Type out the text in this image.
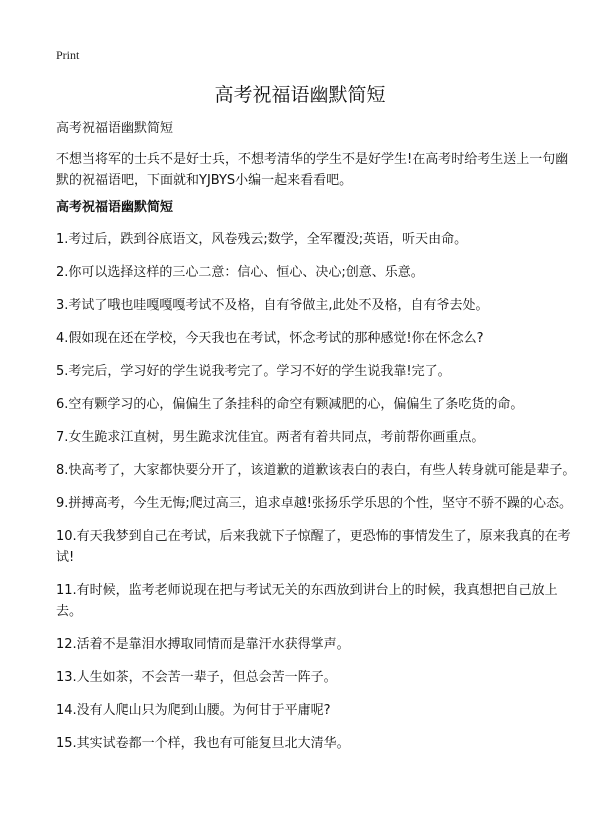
Print
高考祝福语幽默简短
高考祝福语幽默简短
不想当将军的士兵不是好士兵，不想考清华的学生不是好学生!在高考时给考生送上一句幽默的祝福语吧，下面就和YJBYS小编一起来看看吧。
高考祝福语幽默简短
1.考过后，跌到谷底语文，风卷残云;数学，全军覆没;英语，听天由命。
2.你可以选择这样的三心二意：信心、恒心、决心;创意、乐意。
3.考试了哦也哇嘎嘎嘎考试不及格，自有爷做主,此处不及格，自有爷去处。
4.假如现在还在学校，今天我也在考试，怀念考试的那种感觉!你在怀念么?
5.考完后，学习好的学生说我考完了。学习不好的学生说我靠!完了。
6.空有颗学习的心，偏偏生了条挂科的命空有颗减肥的心，偏偏生了条吃货的命。
7.女生跪求江直树，男生跪求沈佳宜。两者有着共同点，考前帮你画重点。
8.快高考了，大家都快要分开了，该道歉的道歉该表白的表白，有些人转身就可能是辈子。
9.拼搏高考，今生无悔;爬过高三，追求卓越!张扬乐学乐思的个性，坚守不骄不躁的心态。
10.有天我梦到自己在考试，后来我就下子惊醒了，更恐怖的事情发生了，原来我真的在考试!
11.有时候，监考老师说现在把与考试无关的东西放到讲台上的时候，我真想把自己放上去。
12.活着不是靠泪水搏取同情而是靠汗水获得掌声。
13.人生如茶，不会苦一辈子，但总会苦一阵子。
14.没有人爬山只为爬到山腰。为何甘于平庸呢?
15.其实试卷都一个样，我也有可能复旦北大清华。
